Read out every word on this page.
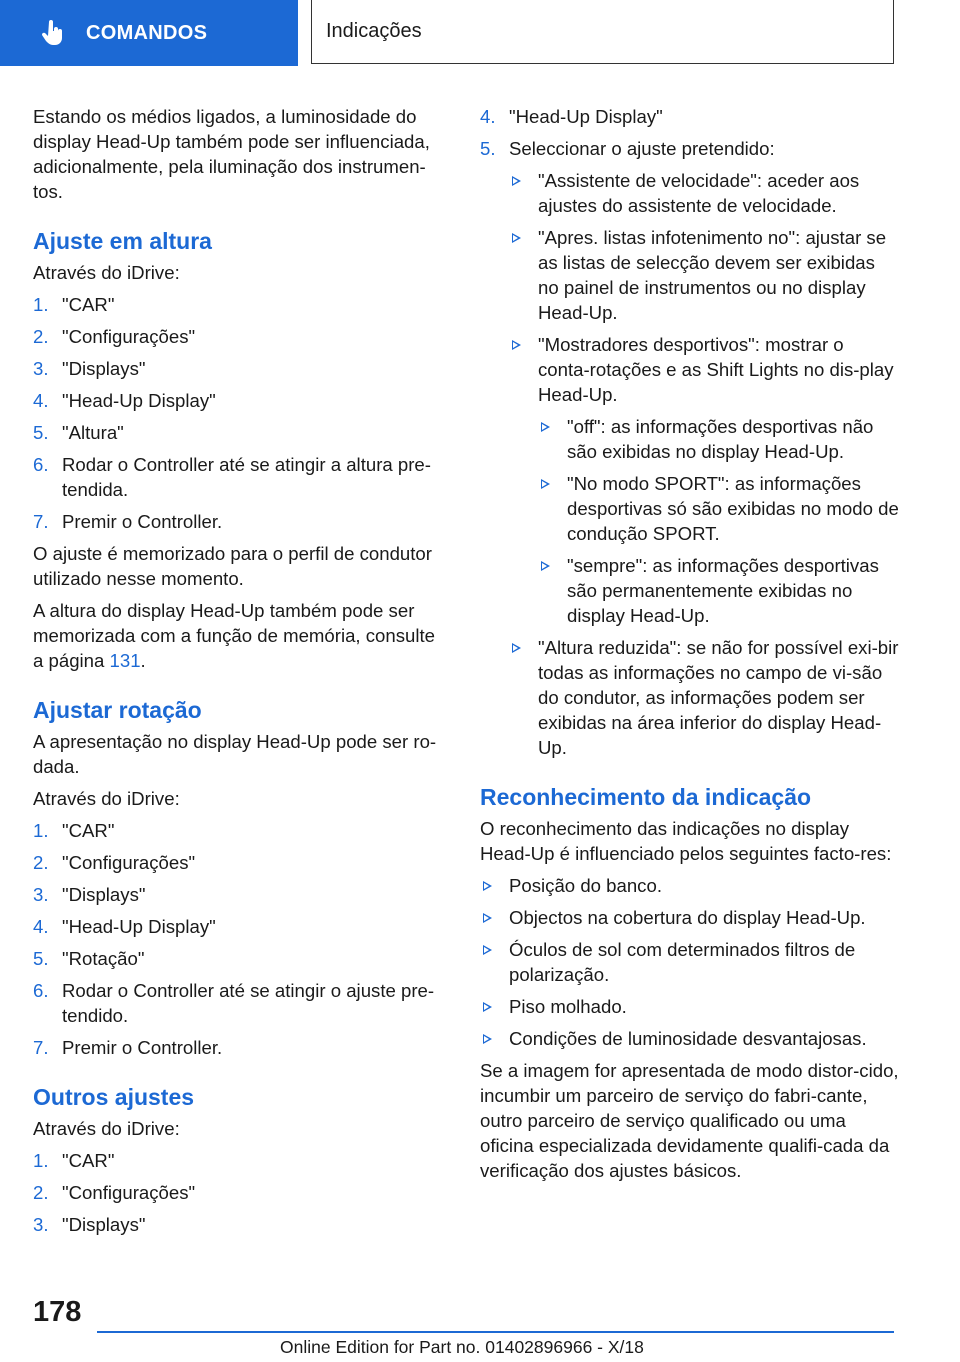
COMANDOS	Indicações

Estando os médios ligados, a luminosidade do display Head-Up também pode ser influenciada, adicionalmente, pela iluminação dos instrumen-tos.

Ajuste em altura

Através do iDrive:

1. "CAR"
2. "Configurações"
3. "Displays"
4. "Head-Up Display"
5. "Altura"
6. Rodar o Controller até se atingir a altura pre-tendida.
7. Premir o Controller.

O ajuste é memorizado para o perfil de condutor utilizado nesse momento.

A altura do display Head-Up também pode ser memorizada com a função de memória, consulte a página 131.

Ajustar rotação

A apresentação no display Head-Up pode ser ro-dada.

Através do iDrive:

1. "CAR"
2. "Configurações"
3. "Displays"
4. "Head-Up Display"
5. "Rotação"
6. Rodar o Controller até se atingir o ajuste pre-tendido.
7. Premir o Controller.
Outros ajustes

Através do iDrive:

1. "CAR"
2. "Configurações"
3. "Displays"
4. "Head-Up Display"
5. Seleccionar o ajuste pretendido:
"Assistente de velocidade": aceder aos ajustes do assistente de velocidade.
"Apres. listas infotenimento no": ajustar se as listas de selecção devem ser exibidas no painel de instrumentos ou no display Head-Up.
"Mostradores desportivos": mostrar o conta-rotações e as Shift Lights no dis-play Head-Up.
"off": as informações desportivas não são exibidas no display Head-Up.
"No modo SPORT": as informações desportivas só são exibidas no modo de condução SPORT.
"sempre": as informações desportivas são permanentemente exibidas no display Head-Up.
"Altura reduzida": se não for possível exi-bir todas as informações no campo de vi-são do condutor, as informações podem ser exibidas na área inferior do display Head-Up.
Reconhecimento da indicação

O reconhecimento das indicações no display Head-Up é influenciado pelos seguintes facto-res:

Posição do banco.
Objectos na cobertura do display Head-Up.
Óculos de sol com determinados filtros de polarização.
Piso molhado.
Condições de luminosidade desvantajosas.

Se a imagem for apresentada de modo distor-cido, incumbir um parceiro de serviço do fabri-cante, outro parceiro de serviço qualificado ou uma oficina especializada devidamente qualifi-cada da verificação dos ajustes básicos.

178
Online Edition for Part no. 01402896966 - X/18
